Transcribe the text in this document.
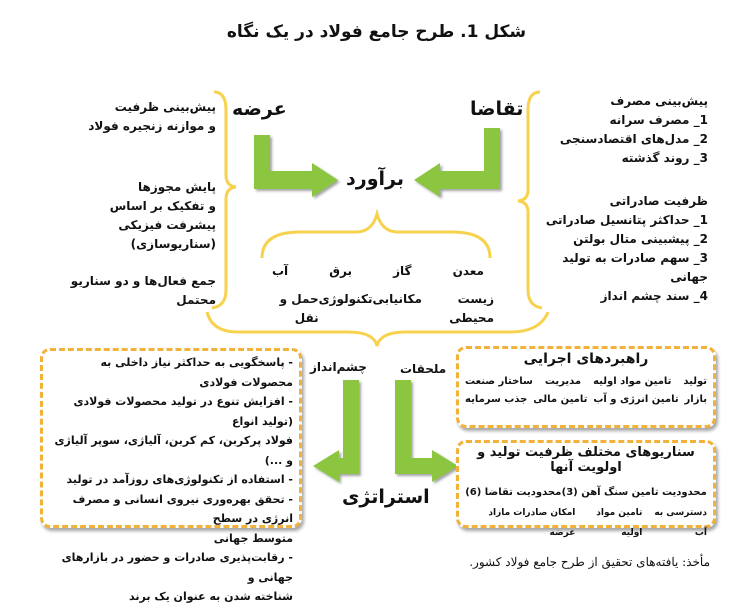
شکل 1. طرح جامع فولاد در یک نگاه
عرضه
پیش‌بینی ظرفیت
و موازنه زنجیره فولاد
پایش مجوزها
و تفکیک بر اساس
پیشرفت فیزیکی (سناریوسازی)
جمع فعال‌ها و دو سناریو محتمل
برآورد
تقاضا	پیش‌بینی مصرف
1_ مصرف سرانه
2_ مدل‌های اقتصادسنجی
3_ روند گذشته
ظرفیت صادراتی
1_ حداکثر پتانسیل صادراتی
2_ پیشبینی متال بولتن
3_ سهم صادرات به تولید جهانی
4_ سند چشم انداز
معدن
گاز
برق
آب
زیست محیطی
مکانیابی
تکنولوژی
حمل و نقل
- پاسخگویی به حداکثر نیاز داخلی به محصولات فولادی
- افزایش تنوع در تولید محصولات فولادی (تولید انواع
فولاد پرکربن، کم کربن، آلیاژی، سوپر آلیاژی و ...)
- استفاده از تکنولوژی‌های روزآمد در تولید
- تحقق بهره‌وری نیروی انسانی و مصرف انرژی در سطح
متوسط جهانی
- رقابت‌پذیری صادرات و حضور در بازارهای جهانی و
شناخته شدن به عنوان یک برند
چشم‌انداز	ملحقات
استراتژی
راهبردهای اجرایی
تولید
تامین مواد اولیه
مدیریت
ساختار صنعت
بازار
تامین انرژی و آب
تامین مالی
جذب سرمایه
سناریوهای مختلف ظرفیت تولید و اولویت آنها
محدودیت تامین سنگ آهن (3)
محدودیت تقاضا (6)
دسترسی به آب
تامین مواد اولیه
امکان صادرات مازاد عرضه
مأخذ: یافته‌های تحقیق از طرح جامع فولاد کشور.
